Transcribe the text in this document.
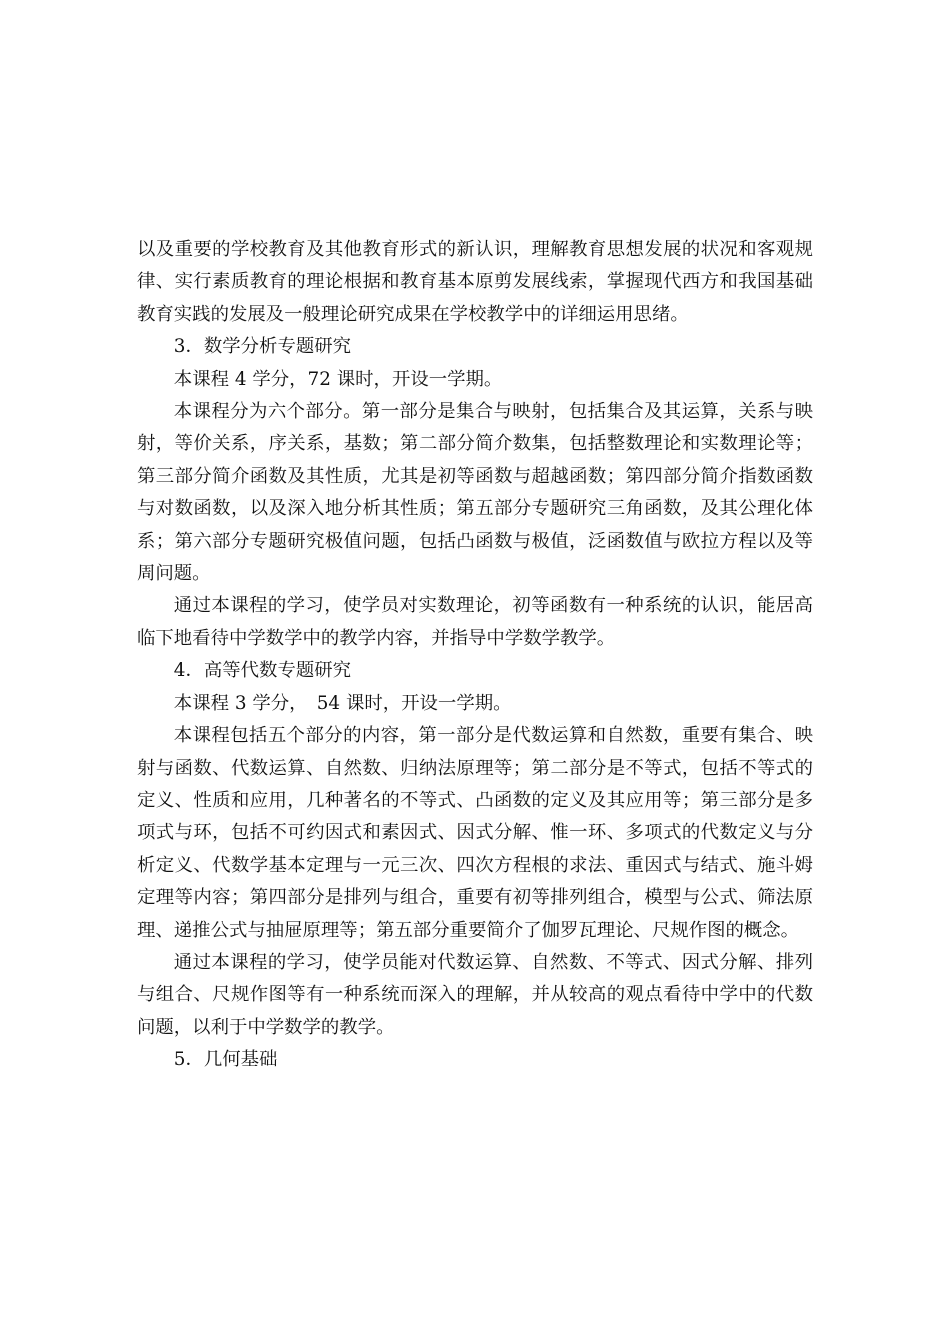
以及重要的学校教育及其他教育形式的新认识，理解教育思想发展的状况和客观规律、实行素质教育的理论根据和教育基本原剪发展线索，掌握现代西方和我国基础教育实践的发展及一般理论研究成果在学校教学中的详细运用思绪。

3．数学分析专题研究

本课程 4 学分，72 课时，开设一学期。

本课程分为六个部分。第一部分是集合与映射，包括集合及其运算，关系与映射，等价关系，序关系，基数；第二部分简介数集，包括整数理论和实数理论等；第三部分简介函数及其性质，尤其是初等函数与超越函数；第四部分简介指数函数与对数函数，以及深入地分析其性质；第五部分专题研究三角函数，及其公理化体系；第六部分专题研究极值问题，包括凸函数与极值，泛函数值与欧拉方程以及等周问题。

通过本课程的学习，使学员对实数理论，初等函数有一种系统的认识，能居高临下地看待中学数学中的教学内容，并指导中学数学教学。

4．高等代数专题研究

本课程 3 学分，　54 课时，开设一学期。

本课程包括五个部分的内容，第一部分是代数运算和自然数，重要有集合、映射与函数、代数运算、自然数、归纳法原理等；第二部分是不等式，包括不等式的定义、性质和应用，几种著名的不等式、凸函数的定义及其应用等；第三部分是多项式与环，包括不可约因式和素因式、因式分解、惟一环、多项式的代数定义与分析定义、代数学基本定理与一元三次、四次方程根的求法、重因式与结式、施斗姆定理等内容；第四部分是排列与组合，重要有初等排列组合，模型与公式、筛法原理、递推公式与抽屉原理等；第五部分重要简介了伽罗瓦理论、尺规作图的概念。

通过本课程的学习，使学员能对代数运算、自然数、不等式、因式分解、排列与组合、尺规作图等有一种系统而深入的理解，并从较高的观点看待中学中的代数问题，以利于中学数学的教学。

5．几何基础
